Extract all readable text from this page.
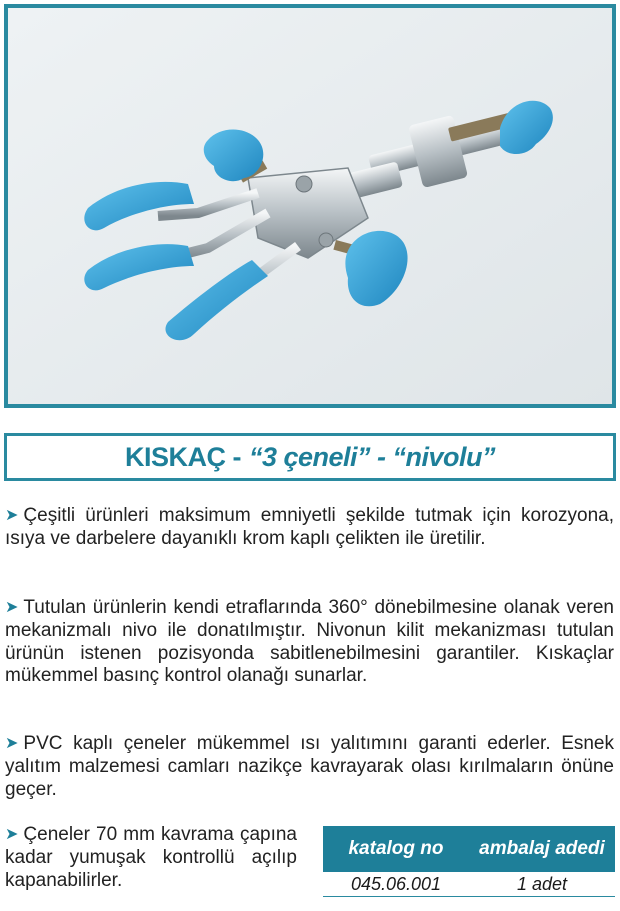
KISKAÇ - “3 çeneli” - “nivolu”
➤ Çeşitli ürünleri maksimum emniyetli şekilde tutmak için korozyona, ısıya ve darbelere dayanıklı krom kaplı çelikten ile üretilir.
➤ Tutulan ürünlerin kendi etraflarında 360° dönebilmesine olanak veren mekanizmalı nivo ile donatılmıştır. Nivonun kilit mekanizması tutulan ürünün istenen pozisyonda sabitlenebilmesini garantiler. Kıskaçlar mükemmel basınç kontrol olanağı sunarlar.
➤ PVC kaplı çeneler mükemmel ısı yalıtımını garanti ederler. Esnek yalıtım malzemesi camları nazikçe kavrayarak olası kırılmaların önüne geçer.
➤ Çeneler 70 mm kavrama çapına kadar yumuşak kontrollü açılıp kapanabilirler.
katalog no	ambalaj adedi
045.06.001	1 adet
